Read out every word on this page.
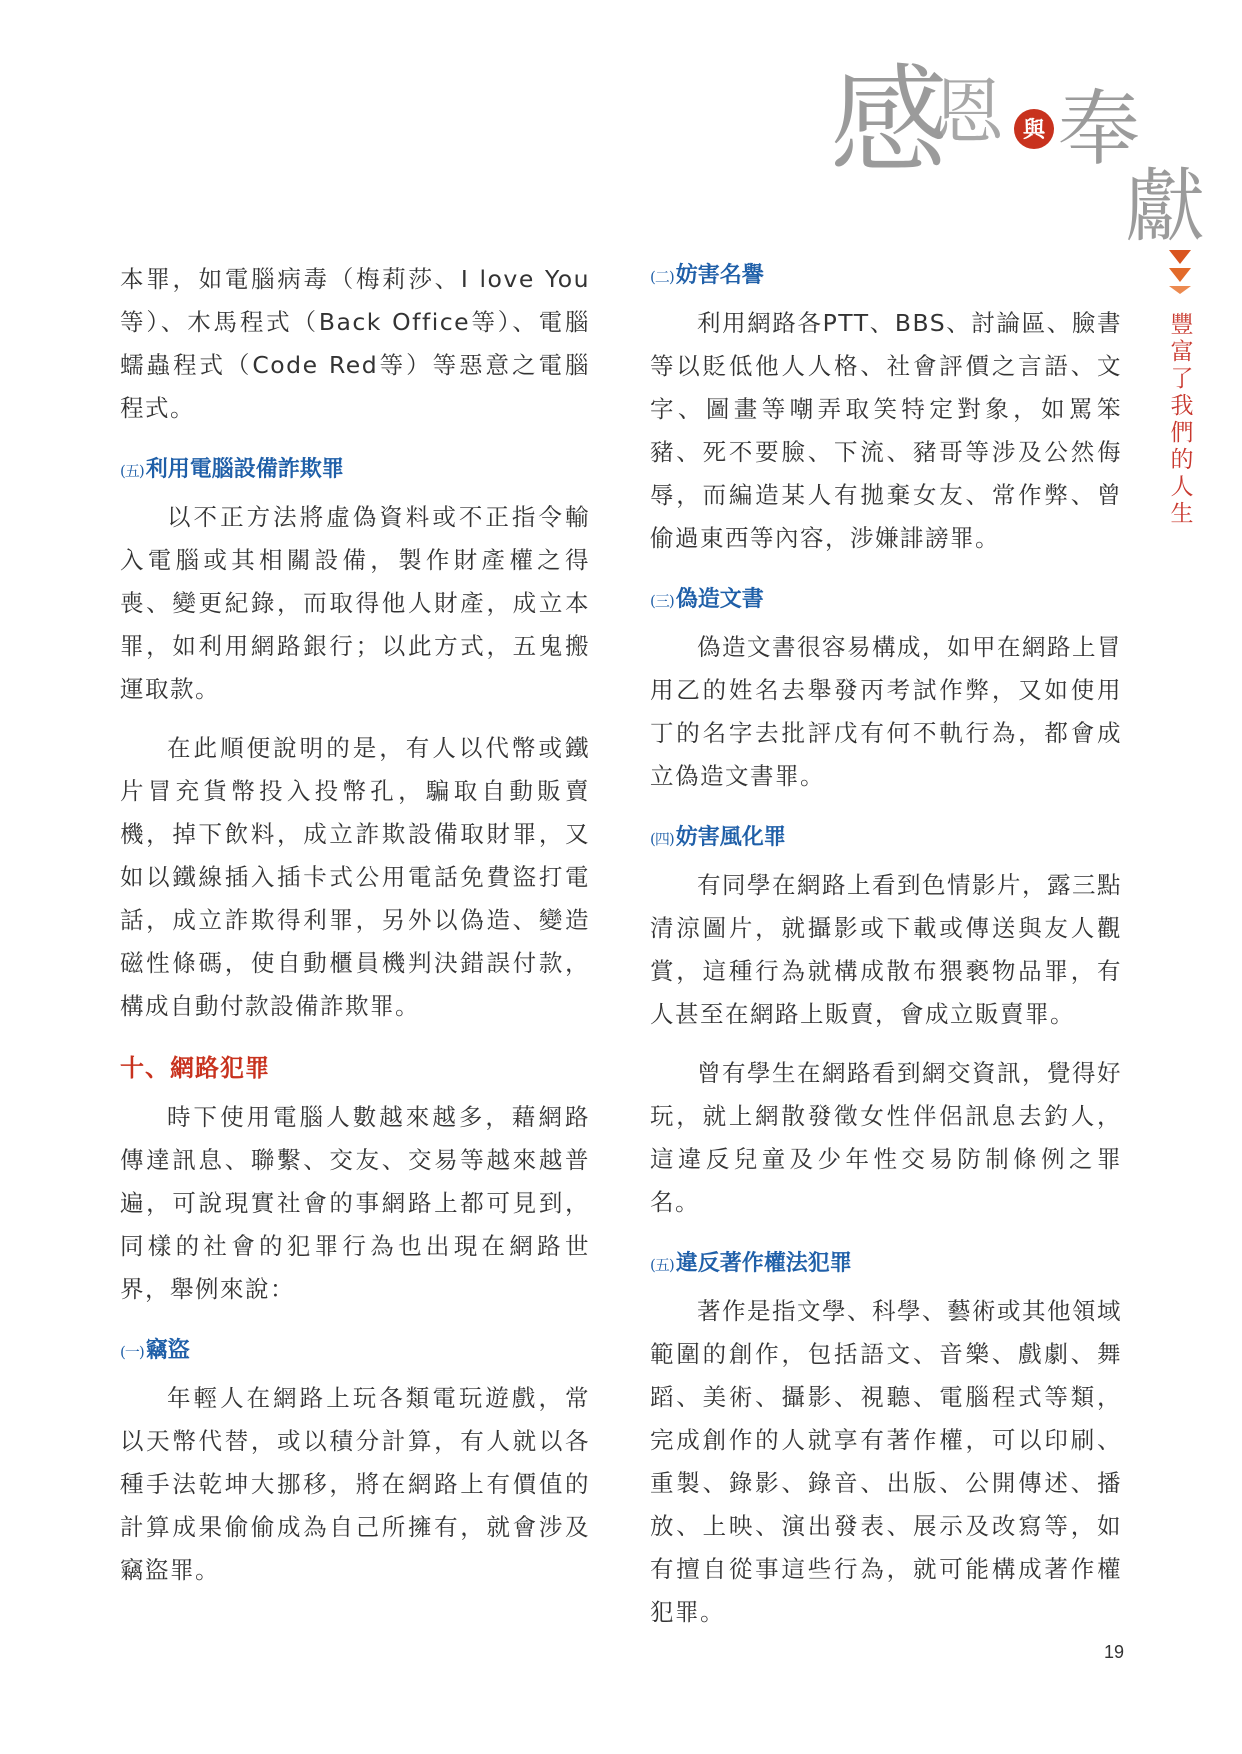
感
恩 與 奉
獻
豐富了我們的人生

本罪，如電腦病毒（梅莉莎、I love You等）、木馬程式（Back Office等）、電腦蠕蟲程式（Code Red等）等惡意之電腦程式。

(五)利用電腦設備詐欺罪

以不正方法將虛偽資料或不正指令輸入電腦或其相關設備，製作財產權之得喪、變更紀錄，而取得他人財產，成立本罪，如利用網路銀行；以此方式，五鬼搬運取款。

在此順便說明的是，有人以代幣或鐵片冒充貨幣投入投幣孔，騙取自動販賣機，掉下飲料，成立詐欺設備取財罪，又如以鐵線插入插卡式公用電話免費盜打電話，成立詐欺得利罪，另外以偽造、變造磁性條碼，使自動櫃員機判決錯誤付款，構成自動付款設備詐欺罪。

十、網路犯罪

時下使用電腦人數越來越多，藉網路傳達訊息、聯繫、交友、交易等越來越普遍，可說現實社會的事網路上都可見到，同樣的社會的犯罪行為也出現在網路世界，舉例來說：

(一)竊盜

年輕人在網路上玩各類電玩遊戲，常以天幣代替，或以積分計算，有人就以各種手法乾坤大挪移，將在網路上有價值的計算成果偷偷成為自己所擁有，就會涉及竊盜罪。

(二)妨害名譽

利用網路各PTT、BBS、討論區、臉書等以貶低他人人格、社會評價之言語、文字、圖畫等嘲弄取笑特定對象，如罵笨豬、死不要臉、下流、豬哥等涉及公然侮辱，而編造某人有拋棄女友、常作弊、曾偷過東西等內容，涉嫌誹謗罪。

(三)偽造文書

偽造文書很容易構成，如甲在網路上冒用乙的姓名去舉發丙考試作弊，又如使用丁的名字去批評戊有何不軌行為，都會成立偽造文書罪。

(四)妨害風化罪

有同學在網路上看到色情影片，露三點清涼圖片，就攝影或下載或傳送與友人觀賞，這種行為就構成散布猥褻物品罪，有人甚至在網路上販賣，會成立販賣罪。

曾有學生在網路看到網交資訊，覺得好玩，就上網散發徵女性伴侶訊息去釣人，這違反兒童及少年性交易防制條例之罪名。

(五)違反著作權法犯罪

著作是指文學、科學、藝術或其他領域範圍的創作，包括語文、音樂、戲劇、舞蹈、美術、攝影、視聽、電腦程式等類，完成創作的人就享有著作權，可以印刷、重製、錄影、錄音、出版、公開傳述、播放、上映、演出發表、展示及改寫等，如有擅自從事這些行為，就可能構成著作權犯罪。

19
